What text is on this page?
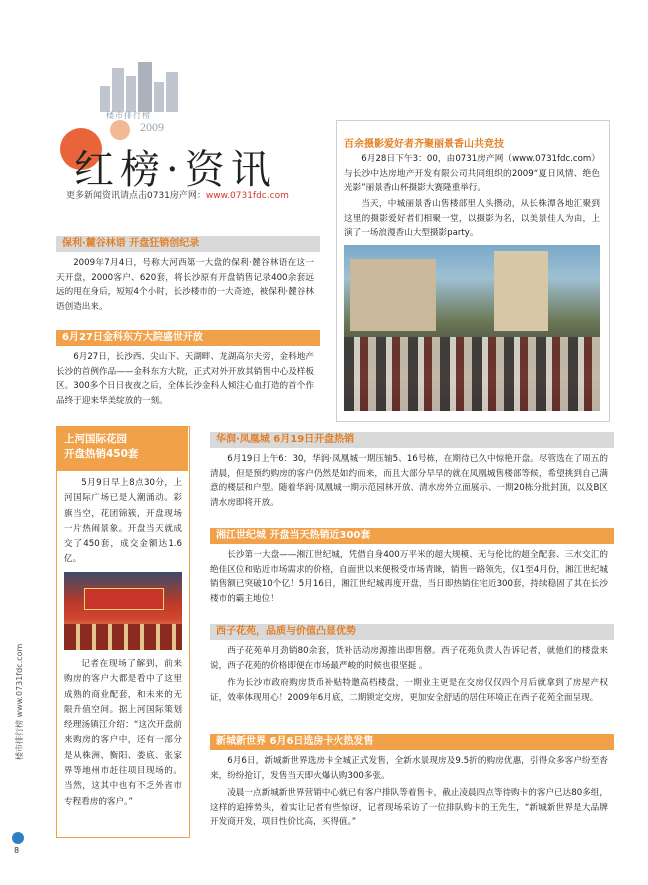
楼市排行榜
2009
红榜·资讯
更多新闻资讯请点击0731房产网：www.0731fdc.com
百余摄影爱好者齐聚丽景香山共竞技

6月28日下午3：00，由0731房产网（www.0731fdc.com）与长沙中达房地产开发有限公司共同组织的2009“夏日风情、绝色光影”丽景香山杯摄影大赛隆重举行。

当天，中城丽景香山售楼部里人头攒动，从长株潭各地汇聚到这里的摄影爱好者们相聚一堂，以摄影为名，以美景佳人为由，上演了一场浪漫香山大型摄影party。

保利·麓谷林语 开盘狂销创纪录

2009年7月4日，号称大河西第一大盘的保利·麓谷林语在这一天开盘，2000客户、620套，将长沙原有开盘销售记录400余套远远的甩在身后，短短4个小时，长沙楼市的一大奇迹，被保利·麓谷林语创造出来。

6月27日金科东方大院盛世开放

6月27日，长沙西、尖山下、天湖畔、龙湖高尔夫旁，金科地产长沙的首例作品——金科东方大院，正式对外开放其销售中心及样板区。300多个日日夜夜之后，全体长沙金科人倾注心血打造的首个作品终于迎来华美绽放的一刻。

上河国际花园
开盘热销450套

5月9日早上8点30分，上河国际广场已是人潮涌动。彩旗当空，花团锦簇，开盘现场一片热闹景象。开盘当天就成交了450套，成交金额达1.6亿。

记者在现场了解到，前来购房的客户大都是看中了这里成熟的商业配套，和未来的无限升值空间。据上河国际策划经理汤镇江介绍：“这次开盘前来购房的客户中，还有一部分是从株洲、衡阳、娄底、张家界等地州市赶往项目现场的。当然，这其中也有不乏外省市专程看房的客户。”

华润·凤凰城 6月19日开盘热销

6月19日上午6：30，华润·凤凰城一期压轴5、16号栋，在期待已久中惊艳开盘。尽管选在了周五的清晨，但是预约购房的客户仍然是如约而来，而且大部分早早的就在凤凰城售楼部等候，希望挑到自己满意的楼层和户型。随着华润·凤凰城一期示范园林开放、清水房外立面展示、一期20栋分批封顶，以及B区清水房即将开放。

湘江世纪城 开盘当天热销近300套

长沙第一大盘——湘江世纪城，凭借自身400万平米的超大规模、无与伦比的超全配套、三水交汇的绝佳区位和贴近市场需求的价格，自面世以来便极受市场青睐，销售一路领先，仅1至4月份，湘江世纪城销售额已突破10个亿！5月16日，湘江世纪城再度开盘，当日即热销住宅近300套，持续稳固了其在长沙楼市的霸主地位！

西子花苑，品质与价值凸显优势

西子花苑单月劲销80余套，货补活动房源推出即售罄。西子花苑负责人告诉记者，就他们的楼盘来说，西子花苑的价格即便在市场最严峻的时候也很坚挺 。

作为长沙市政府购房货币补贴特邀高档楼盘，一期业主更是在交房仅仅四个月后就拿到了房屋产权证，效率体现用心！2009年6月底，二期锁定交房，更加安全舒适的居住环境正在西子花苑全面呈现。

新城新世界 6月6日选房卡火热发售

6月6日，新城新世界选房卡全城正式发售，全新水景现房及9.5折的购房优惠，引得众多客户纷至沓来，纷纷抢订，发售当天即火爆认购300多张。

凌晨一点新城新世界营销中心就已有客户排队等着售卡，截止凌晨四点等待购卡的客户已达80多组，这样的追捧势头，着实让记者有些惊讶，记者现场采访了一位排队购卡的王先生，“新城新世界是大品牌开发商开发，项目性价比高，买得值。”

楼市排行榜 www.0731fdc.com
8
